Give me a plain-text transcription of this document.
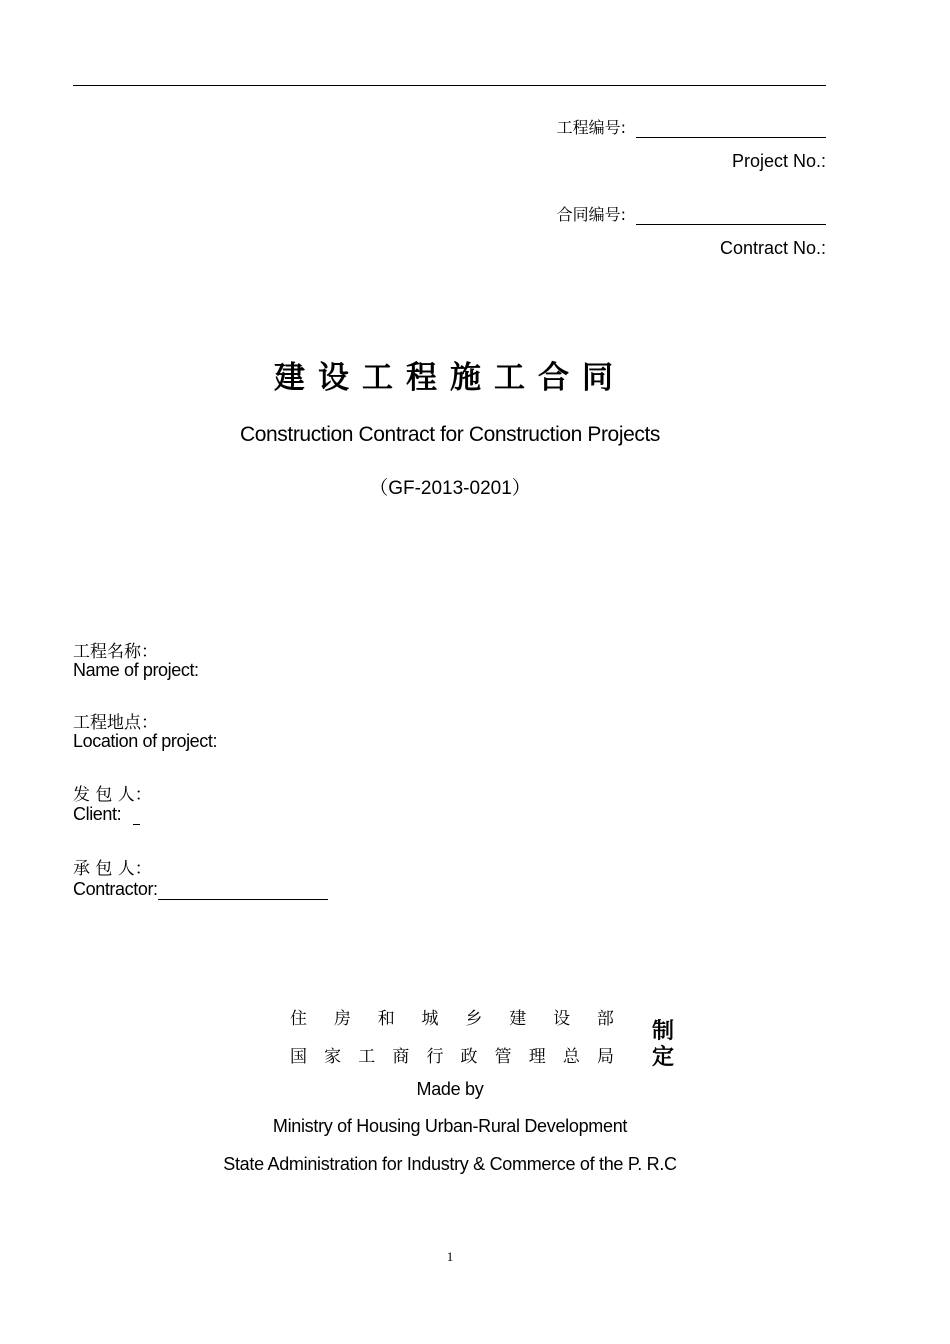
工程编号:
Project No.:
合同编号:
Contract No.:
建设工程施工合同
Construction Contract for Construction Projects
（GF-2013-0201）
工程名称：
Name of project:
工程地点：
Location of project:
发 包 人：
Client:
承 包 人：
Contractor:
住 房 和 城 乡 建 设 部
国 家 工 商 行 政 管 理 总 局
制定
Made by
Ministry of Housing Urban-Rural Development
State Administration for Industry & Commerce of the P. R.C
1
